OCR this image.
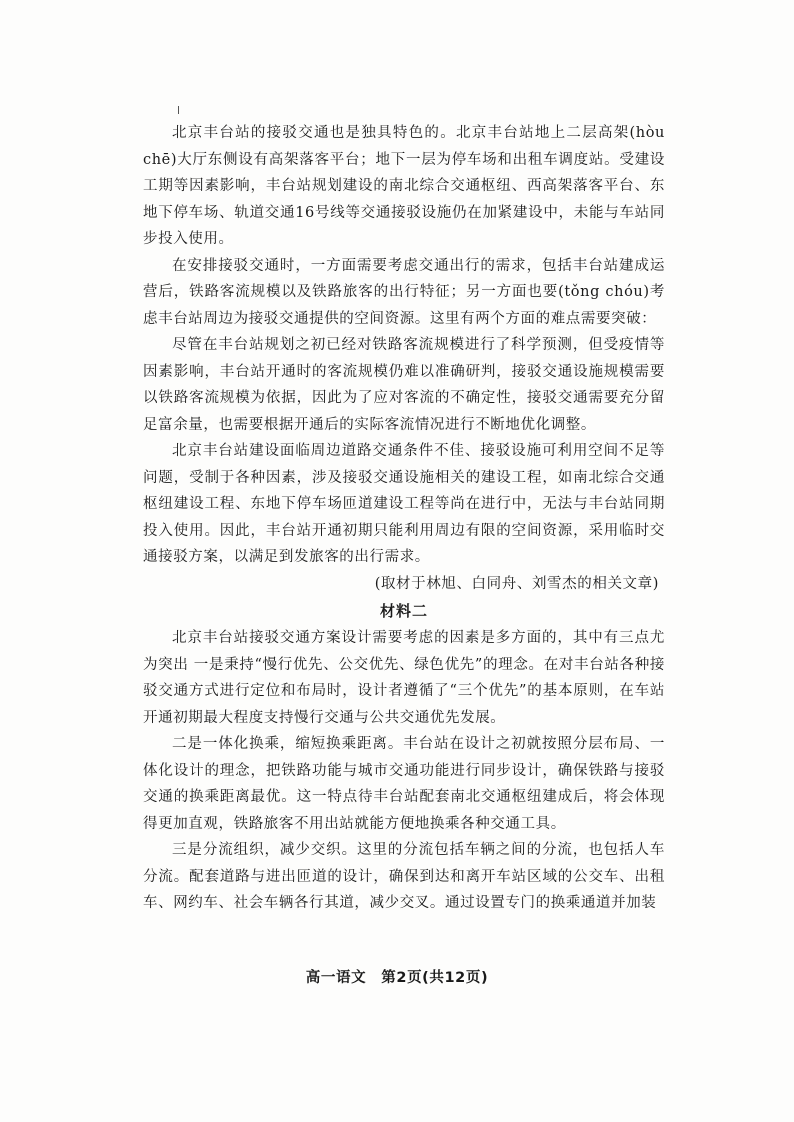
北京丰台站的接驳交通也是独具特色的。北京丰台站地上二层高架(hòu chē)大厅东侧设有高架落客平台；地下一层为停车场和出租车调度站。受建设工期等因素影响，丰台站规划建设的南北综合交通枢纽、西高架落客平台、东地下停车场、轨道交通16号线等交通接驳设施仍在加紧建设中，未能与车站同步投入使用。

在安排接驳交通时，一方面需要考虑交通出行的需求，包括丰台站建成运营后，铁路客流规模以及铁路旅客的出行特征；另一方面也要(tǒng chóu)考虑丰台站周边为接驳交通提供的空间资源。这里有两个方面的难点需要突破：

尽管在丰台站规划之初已经对铁路客流规模进行了科学预测，但受疫情等因素影响，丰台站开通时的客流规模仍难以准确研判，接驳交通设施规模需要以铁路客流规模为依据，因此为了应对客流的不确定性，接驳交通需要充分留足富余量，也需要根据开通后的实际客流情况进行不断地优化调整。

北京丰台站建设面临周边道路交通条件不佳、接驳设施可利用空间不足等问题，受制于各种因素，涉及接驳交通设施相关的建设工程，如南北综合交通枢纽建设工程、东地下停车场匝道建设工程等尚在进行中，无法与丰台站同期投入使用。因此，丰台站开通初期只能利用周边有限的空间资源，采用临时交通接驳方案，以满足到发旅客的出行需求。

(取材于林旭、白同舟、刘雪杰的相关文章)

材料二

北京丰台站接驳交通方案设计需要考虑的因素是多方面的，其中有三点尤为突出 一是秉持“慢行优先、公交优先、绿色优先”的理念。在对丰台站各种接驳交通方式进行定位和布局时，设计者遵循了“三个优先”的基本原则，在车站开通初期最大程度支持慢行交通与公共交通优先发展。

二是一体化换乘，缩短换乘距离。丰台站在设计之初就按照分层布局、一体化设计的理念，把铁路功能与城市交通功能进行同步设计，确保铁路与接驳交通的换乘距离最优。这一特点待丰台站配套南北交通枢纽建成后，将会体现得更加直观，铁路旅客不用出站就能方便地换乘各种交通工具。

三是分流组织，减少交织。这里的分流包括车辆之间的分流，也包括人车分流。配套道路与进出匝道的设计，确保到达和离开车站区域的公交车、出租车、网约车、社会车辆各行其道，减少交叉。通过设置专门的换乘通道并加装

高一语文　第2页(共12页)
